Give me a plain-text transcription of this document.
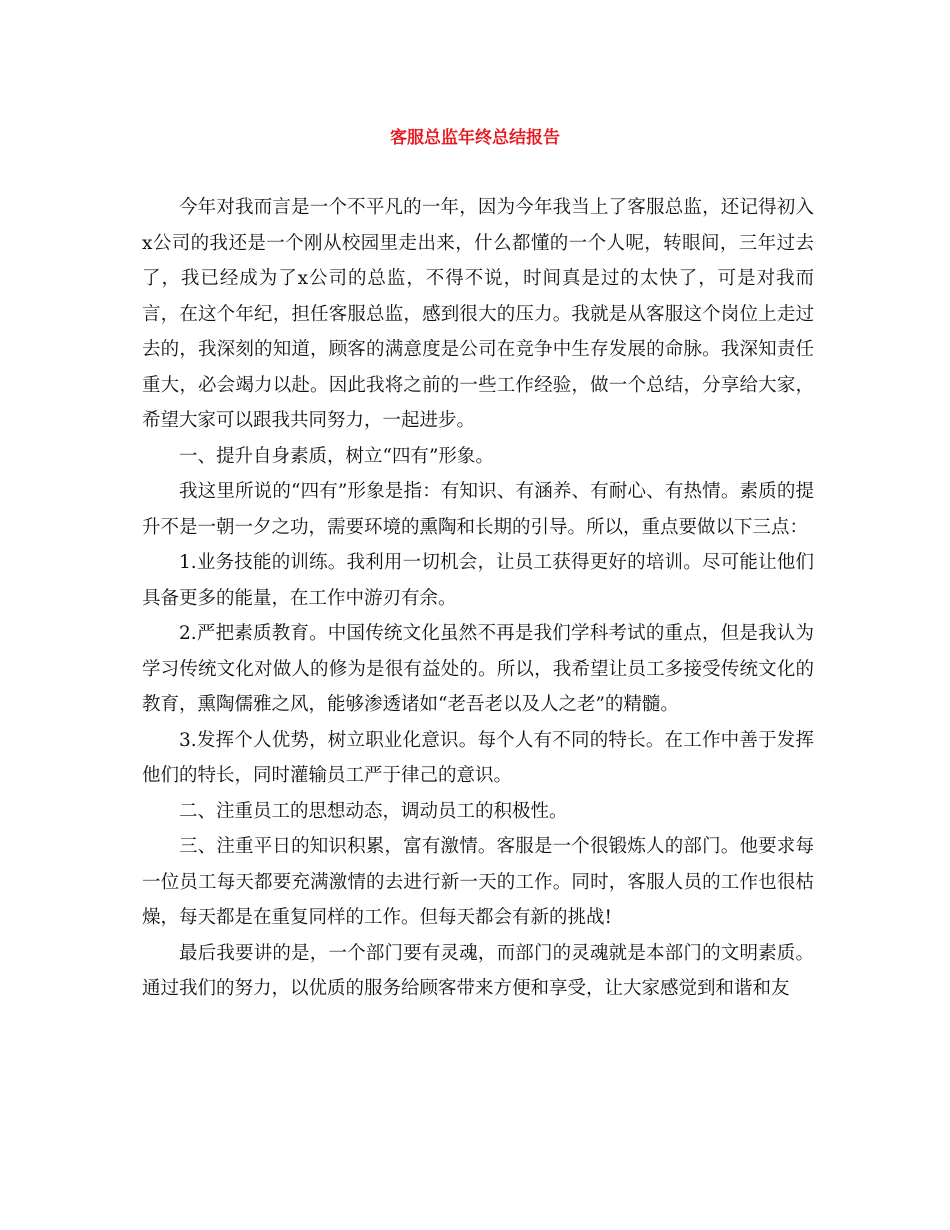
客服总监年终总结报告

今年对我而言是一个不平凡的一年，因为今年我当上了客服总监，还记得初入x公司的我还是一个刚从校园里走出来，什么都懂的一个人呢，转眼间，三年过去了，我已经成为了x公司的总监，不得不说，时间真是过的太快了，可是对我而言，在这个年纪，担任客服总监，感到很大的压力。我就是从客服这个岗位上走过去的，我深刻的知道，顾客的满意度是公司在竞争中生存发展的命脉。我深知责任重大，必会竭力以赴。因此我将之前的一些工作经验，做一个总结，分享给大家，希望大家可以跟我共同努力，一起进步。

一、提升自身素质，树立“四有”形象。

我这里所说的“四有”形象是指：有知识、有涵养、有耐心、有热情。素质的提升不是一朝一夕之功，需要环境的熏陶和长期的引导。所以，重点要做以下三点：

1.业务技能的训练。我利用一切机会，让员工获得更好的培训。尽可能让他们具备更多的能量，在工作中游刃有余。

2.严把素质教育。中国传统文化虽然不再是我们学科考试的重点，但是我认为学习传统文化对做人的修为是很有益处的。所以，我希望让员工多接受传统文化的教育，熏陶儒雅之风，能够渗透诸如“老吾老以及人之老”的精髓。

3.发挥个人优势，树立职业化意识。每个人有不同的特长。在工作中善于发挥他们的特长，同时灌输员工严于律己的意识。

二、注重员工的思想动态，调动员工的积极性。

三、注重平日的知识积累，富有激情。客服是一个很锻炼人的部门。他要求每一位员工每天都要充满激情的去进行新一天的工作。同时，客服人员的工作也很枯燥，每天都是在重复同样的工作。但每天都会有新的挑战!

最后我要讲的是，一个部门要有灵魂，而部门的灵魂就是本部门的文明素质。通过我们的努力，以优质的服务给顾客带来方便和享受，让大家感觉到和谐和友
